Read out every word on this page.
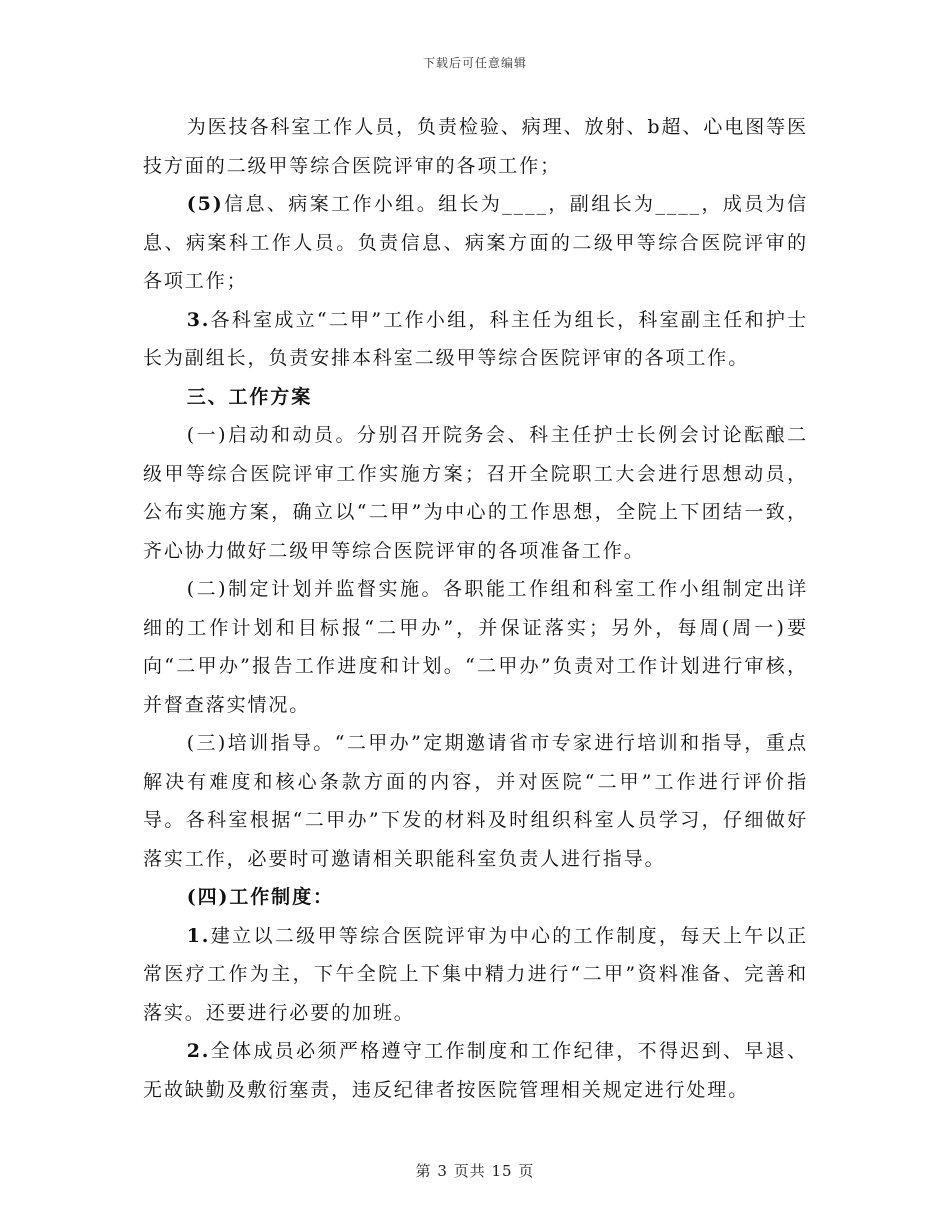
下载后可任意编辑

为医技各科室工作人员，负责检验、病理、放射、b超、心电图等医技方面的二级甲等综合医院评审的各项工作；

(5)信息、病案工作小组。组长为____，副组长为____，成员为信息、病案科工作人员。负责信息、病案方面的二级甲等综合医院评审的各项工作；

3.各科室成立“二甲”工作小组，科主任为组长，科室副主任和护士长为副组长，负责安排本科室二级甲等综合医院评审的各项工作。

三、工作方案

(一)启动和动员。分别召开院务会、科主任护士长例会讨论酝酿二级甲等综合医院评审工作实施方案；召开全院职工大会进行思想动员，公布实施方案，确立以“二甲”为中心的工作思想，全院上下团结一致，齐心协力做好二级甲等综合医院评审的各项准备工作。

(二)制定计划并监督实施。各职能工作组和科室工作小组制定出详细的工作计划和目标报“二甲办”，并保证落实；另外，每周(周一)要向“二甲办”报告工作进度和计划。“二甲办”负责对工作计划进行审核，并督查落实情况。

(三)培训指导。“二甲办”定期邀请省市专家进行培训和指导，重点解决有难度和核心条款方面的内容，并对医院“二甲”工作进行评价指导。各科室根据“二甲办”下发的材料及时组织科室人员学习，仔细做好落实工作，必要时可邀请相关职能科室负责人进行指导。

(四)工作制度：

1.建立以二级甲等综合医院评审为中心的工作制度，每天上午以正常医疗工作为主，下午全院上下集中精力进行“二甲”资料准备、完善和落实。还要进行必要的加班。

2.全体成员必须严格遵守工作制度和工作纪律，不得迟到、早退、无故缺勤及敷衍塞责，违反纪律者按医院管理相关规定进行处理。

第 3 页共 15 页
